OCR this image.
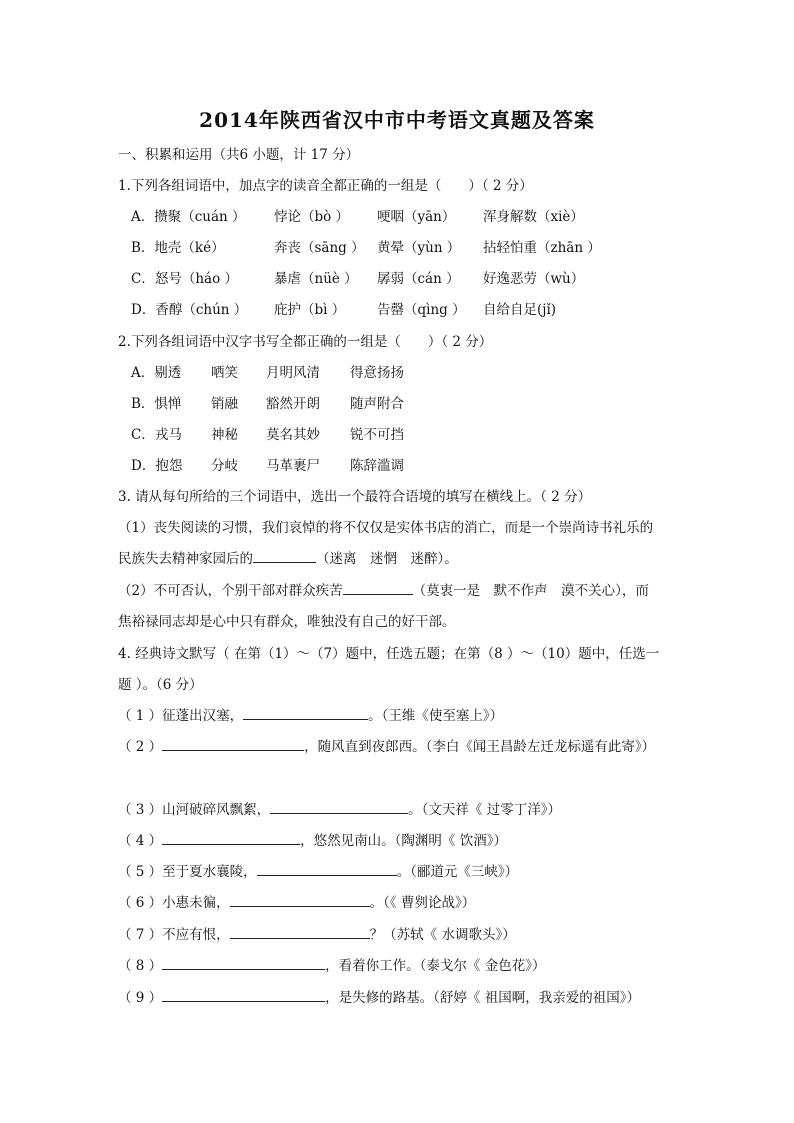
2014年陕西省汉中市中考语文真题及答案
一、积累和运用（共6 小题，计 17 分）
1.下列各组词语中，加点字的读音全都正确的一组是（　　）（ 2 分）
A．攒聚（cuán ） 悖论（bò ） 哽咽（yān） 浑身解数（xiè）
B．地壳（ké）	奔丧（sāng ） 黄晕（yùn ） 拈轻怕重（zhān ）
C．怒号（háo ）	暴虐（nüè ） 孱弱（cán ） 好逸恶劳（wù）
D．香醇（chún ） 庇护（bì ） 告罄（qìng ） 自给自足(jǐ)
2.下列各组词语中汉字书写全都正确的一组是（　　）（ 2 分）
A．剔透 哂笑 月明风清 得意扬扬
B．惧惮 销融 豁然开朗 随声附合
C．戎马 神秘 莫名其妙 锐不可挡
D．抱怨 分岐 马革裹尸 陈辞滥调
3. 请从每句所给的三个词语中，选出一个最符合语境的填写在横线上。（ 2 分）
（1）丧失阅读的习惯，我们哀悼的将不仅仅是实体书店的消亡，而是一个崇尚诗书礼乐的
民族失去精神家园后的	（迷离　迷惘　迷醉）。
（2）不可否认，个别干部对群众疾苦	（莫衷一是　默不作声　漠不关心），而
焦裕禄同志却是心中只有群众，唯独没有自己的好干部。
4. 经典诗文默写（ 在第（1）～（7）题中，任选五题；在第（8 ）～（10）题中，任选一
题 ）。（6 分）
（ 1 ）征蓬出汉塞，	。（王维《使至塞上》）
（ 2 ）	，随风直到夜郎西。（李白《闻王昌龄左迁龙标遥有此寄》）
（ 3 ）山河破碎风飘絮，	。（文天祥《 过零丁洋》）
（ 4 ）	，悠然见南山。（陶渊明《 饮酒》）
（ 5 ）至于夏水襄陵，	。（郦道元《三峡》）
（ 6 ）小惠未徧，	。（《 曹刿论战》）
（ 7 ）不应有恨，	？（苏轼《 水调歌头》）
（ 8 ）	，看着你工作。（泰戈尔《 金色花》）
（ 9 ）	，是失修的路基。（舒婷《 祖国啊，我亲爱的祖国》）
